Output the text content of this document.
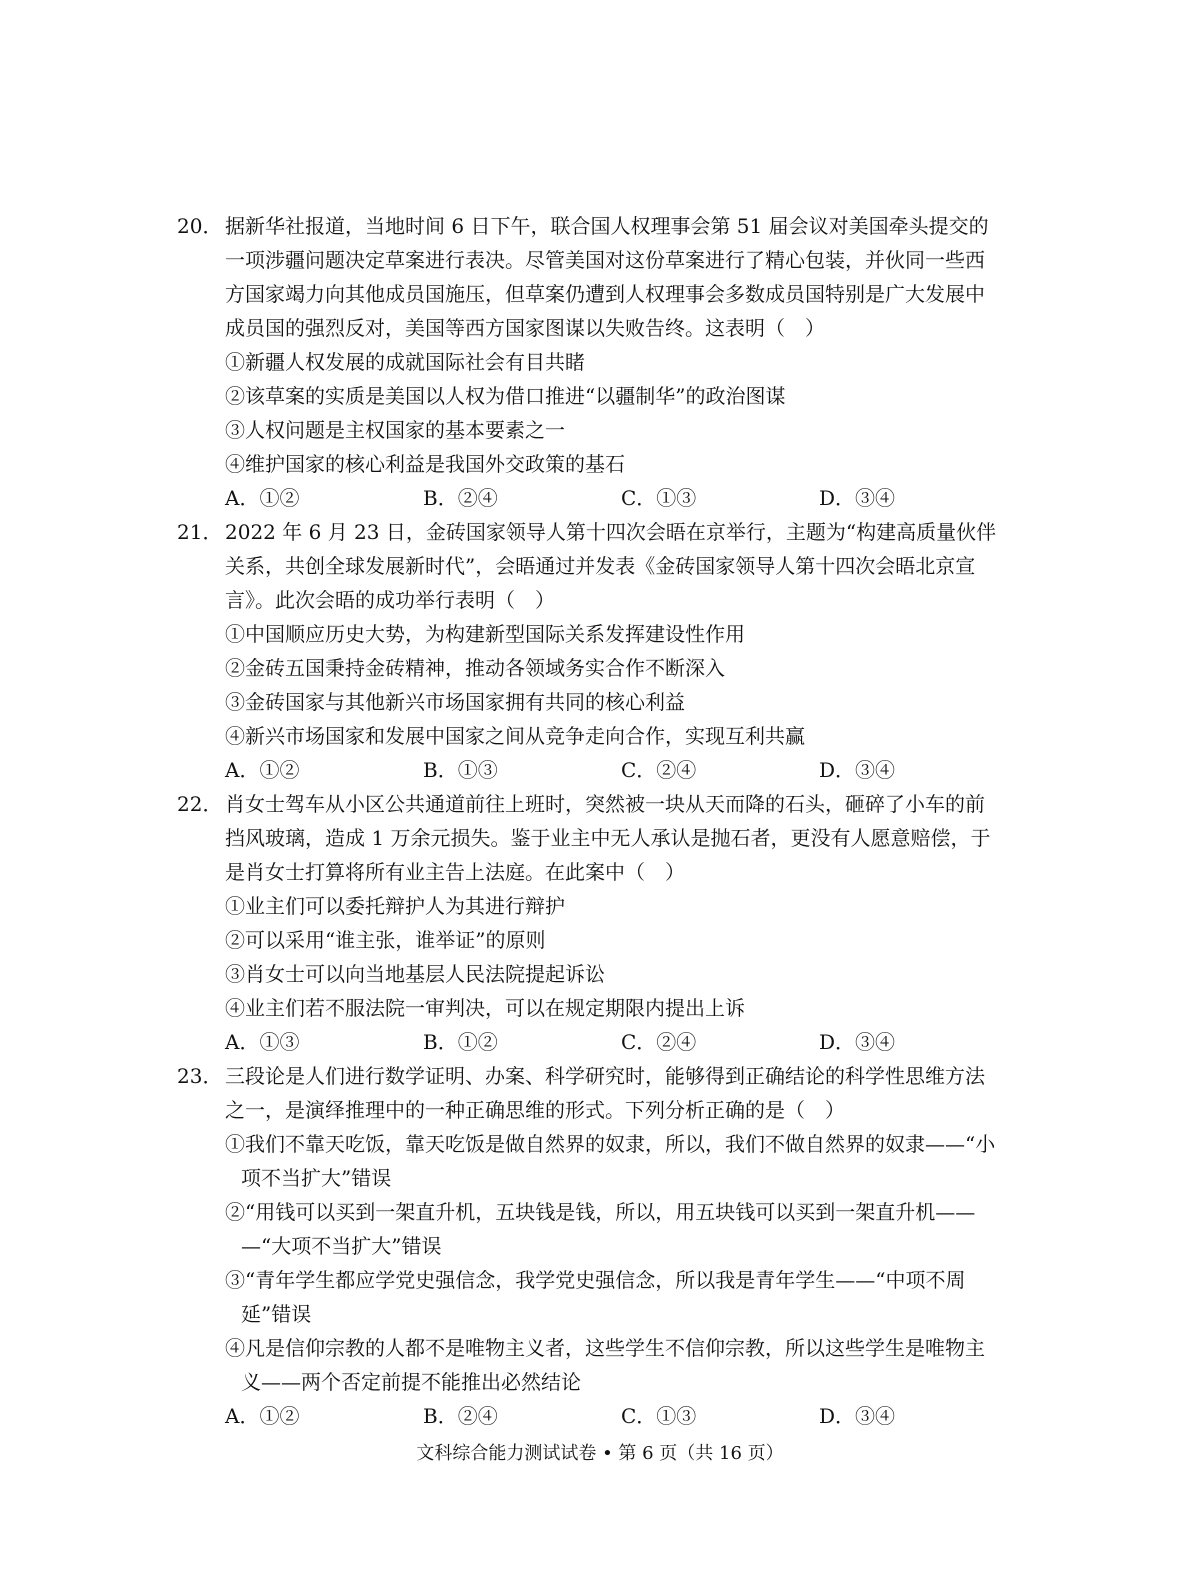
20． 据新华社报道，当地时间 6 日下午，联合国人权理事会第 51 届会议对美国牵头提交的
一项涉疆问题决定草案进行表决。尽管美国对这份草案进行了精心包装，并伙同一些西
方国家竭力向其他成员国施压，但草案仍遭到人权理事会多数成员国特别是广大发展中
成员国的强烈反对，美国等西方国家图谋以失败告终。这表明（　）
①新疆人权发展的成就国际社会有目共睹
②该草案的实质是美国以人权为借口推进“以疆制华”的政治图谋
③人权问题是主权国家的基本要素之一
④维护国家的核心利益是我国外交政策的基石
A．①②	B．②④	C．①③	D．③④
21． 2022 年 6 月 23 日，金砖国家领导人第十四次会晤在京举行，主题为“构建高质量伙伴
关系，共创全球发展新时代”，会晤通过并发表《金砖国家领导人第十四次会晤北京宣
言》。此次会晤的成功举行表明（　）
①中国顺应历史大势，为构建新型国际关系发挥建设性作用
②金砖五国秉持金砖精神，推动各领域务实合作不断深入
③金砖国家与其他新兴市场国家拥有共同的核心利益
④新兴市场国家和发展中国家之间从竞争走向合作，实现互利共赢
A．①②	B．①③	C．②④	D．③④
22． 肖女士驾车从小区公共通道前往上班时，突然被一块从天而降的石头，砸碎了小车的前
挡风玻璃，造成 1 万余元损失。鉴于业主中无人承认是抛石者，更没有人愿意赔偿，于
是肖女士打算将所有业主告上法庭。在此案中（　）
①业主们可以委托辩护人为其进行辩护
②可以采用“谁主张，谁举证”的原则
③肖女士可以向当地基层人民法院提起诉讼
④业主们若不服法院一审判决，可以在规定期限内提出上诉
A．①③	B．①②	C．②④	D．③④
23． 三段论是人们进行数学证明、办案、科学研究时，能够得到正确结论的科学性思维方法
之一，是演绎推理中的一种正确思维的形式。下列分析正确的是（　）
①我们不靠天吃饭，靠天吃饭是做自然界的奴隶，所以，我们不做自然界的奴隶——“小
项不当扩大”错误
②“用钱可以买到一架直升机，五块钱是钱，所以，用五块钱可以买到一架直升机——
—“大项不当扩大”错误
③“青年学生都应学党史强信念，我学党史强信念，所以我是青年学生——“中项不周
延”错误
④凡是信仰宗教的人都不是唯物主义者，这些学生不信仰宗教，所以这些学生是唯物主
义——两个否定前提不能推出必然结论
A．①②	B．②④	C．①③	D．③④
文科综合能力测试试卷 • 第 6 页（共 16 页）
